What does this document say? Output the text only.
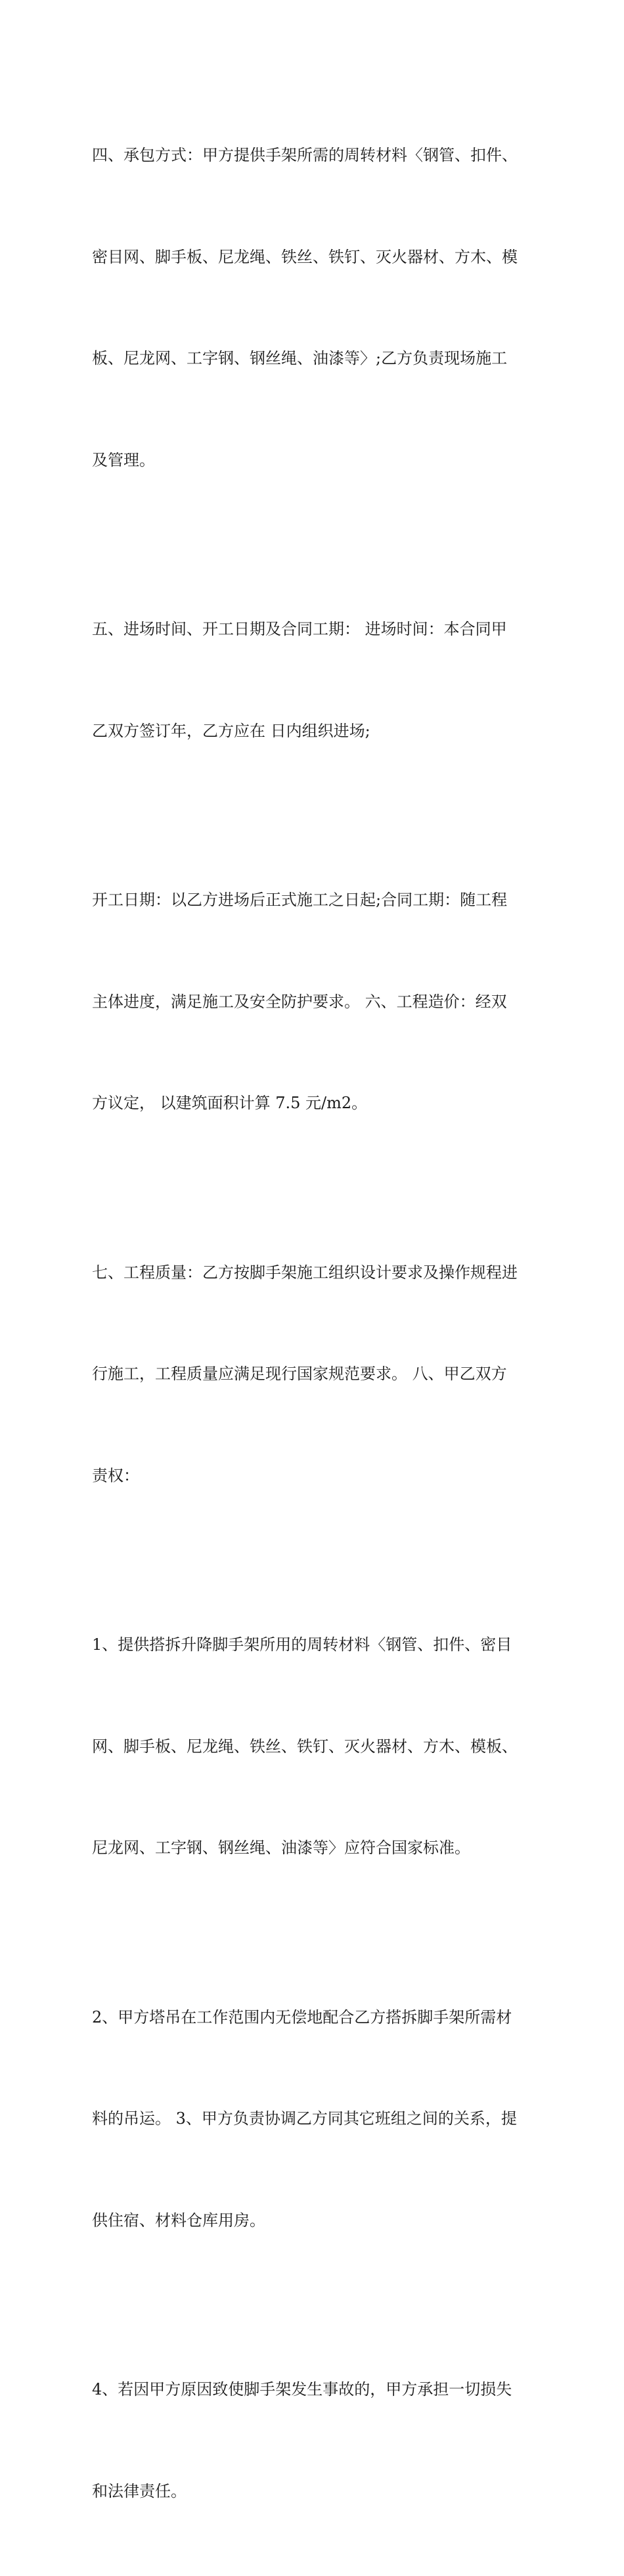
四、承包方式：甲方提供手架所需的周转材料〈钢管、扣件、

密目网、脚手板、尼龙绳、铁丝、铁钉、灭火器材、方木、模

板、尼龙网、工字钢、钢丝绳、油漆等〉;乙方负责现场施工

及管理。

五、进场时间、开工日期及合同工期： 进场时间：本合同甲

乙双方签订年，乙方应在 日内组织进场;

开工日期：以乙方进场后正式施工之日起;合同工期：随工程

主体进度，满足施工及安全防护要求。 六、工程造价：经双

方议定， 以建筑面积计算 7.5 元/m2。

七、工程质量：乙方按脚手架施工组织设计要求及操作规程进

行施工，工程质量应满足现行国家规范要求。 八、甲乙双方

责权：

1、提供搭拆升降脚手架所用的周转材料〈钢管、扣件、密目

网、脚手板、尼龙绳、铁丝、铁钉、灭火器材、方木、模板、

尼龙网、工字钢、钢丝绳、油漆等〉应符合国家标准。

2、甲方塔吊在工作范围内无偿地配合乙方搭拆脚手架所需材

料的吊运。 3、甲方负责协调乙方同其它班组之间的关系，提

供住宿、材料仓库用房。

4、若因甲方原因致使脚手架发生事故的，甲方承担一切损失

和法律责任。
